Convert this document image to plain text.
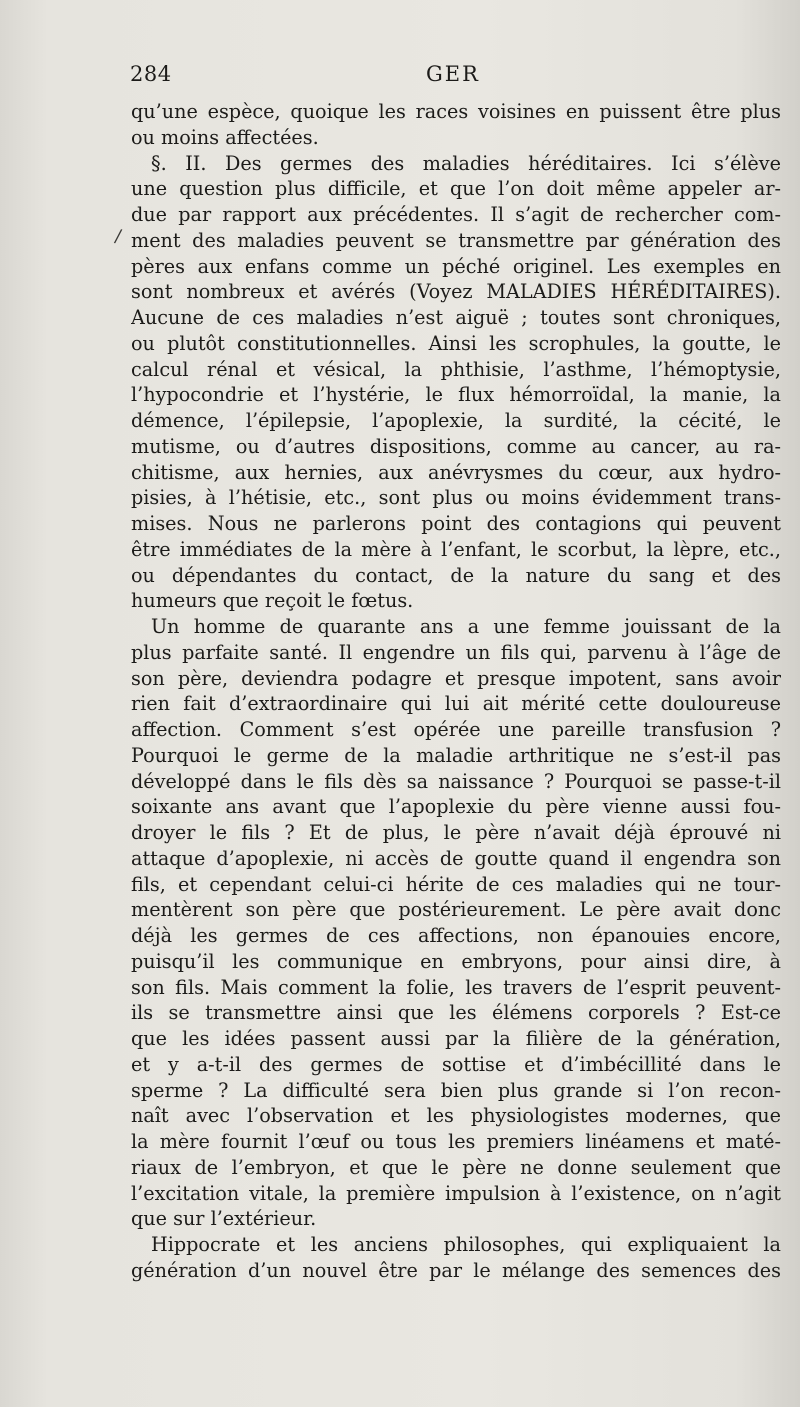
284	GER
/
qu’une espèce, quoique les races voisines en puissent être plus
ou moins affectées.
§. II. Des germes des maladies héréditaires. Ici s’élève
une question plus difficile, et que l’on doit même appeler ar-
due par rapport aux précédentes. Il s’agit de rechercher com-
ment des maladies peuvent se transmettre par génération des
pères aux enfans comme un péché originel. Les exemples en
sont nombreux et avérés (Voyez MALADIES HÉRÉDITAIRES).
Aucune de ces maladies n’est aiguë ; toutes sont chroniques,
ou plutôt constitutionnelles. Ainsi les scrophules, la goutte, le
calcul rénal et vésical, la phthisie, l’asthme, l’hémoptysie,
l’hypocondrie et l’hystérie, le flux hémorroïdal, la manie, la
démence, l’épilepsie, l’apoplexie, la surdité, la cécité, le
mutisme, ou d’autres dispositions, comme au cancer, au ra-
chitisme, aux hernies, aux anévrysmes du cœur, aux hydro-
pisies, à l’hétisie, etc., sont plus ou moins évidemment trans-
mises. Nous ne parlerons point des contagions qui peuvent
être immédiates de la mère à l’enfant, le scorbut, la lèpre, etc.,
ou dépendantes du contact, de la nature du sang et des
humeurs que reçoit le fœtus.
Un homme de quarante ans a une femme jouissant de la
plus parfaite santé. Il engendre un fils qui, parvenu à l’âge de
son père, deviendra podagre et presque impotent, sans avoir
rien fait d’extraordinaire qui lui ait mérité cette douloureuse
affection. Comment s’est opérée une pareille transfusion ?
Pourquoi le germe de la maladie arthritique ne s’est-il pas
développé dans le fils dès sa naissance ? Pourquoi se passe-t-il
soixante ans avant que l’apoplexie du père vienne aussi fou-
droyer le fils ? Et de plus, le père n’avait déjà éprouvé ni
attaque d’apoplexie, ni accès de goutte quand il engendra son
fils, et cependant celui-ci hérite de ces maladies qui ne tour-
mentèrent son père que postérieurement. Le père avait donc
déjà les germes de ces affections, non épanouies encore,
puisqu’il les communique en embryons, pour ainsi dire, à
son fils. Mais comment la folie, les travers de l’esprit peuvent-
ils se transmettre ainsi que les élémens corporels ? Est-ce
que les idées passent aussi par la filière de la génération,
et y a-t-il des germes de sottise et d’imbécillité dans le
sperme ? La difficulté sera bien plus grande si l’on recon-
naît avec l’observation et les physiologistes modernes, que
la mère fournit l’œuf ou tous les premiers linéamens et maté-
riaux de l’embryon, et que le père ne donne seulement que
l’excitation vitale, la première impulsion à l’existence, on n’agit
que sur l’extérieur.
Hippocrate et les anciens philosophes, qui expliquaient la
génération d’un nouvel être par le mélange des semences des
